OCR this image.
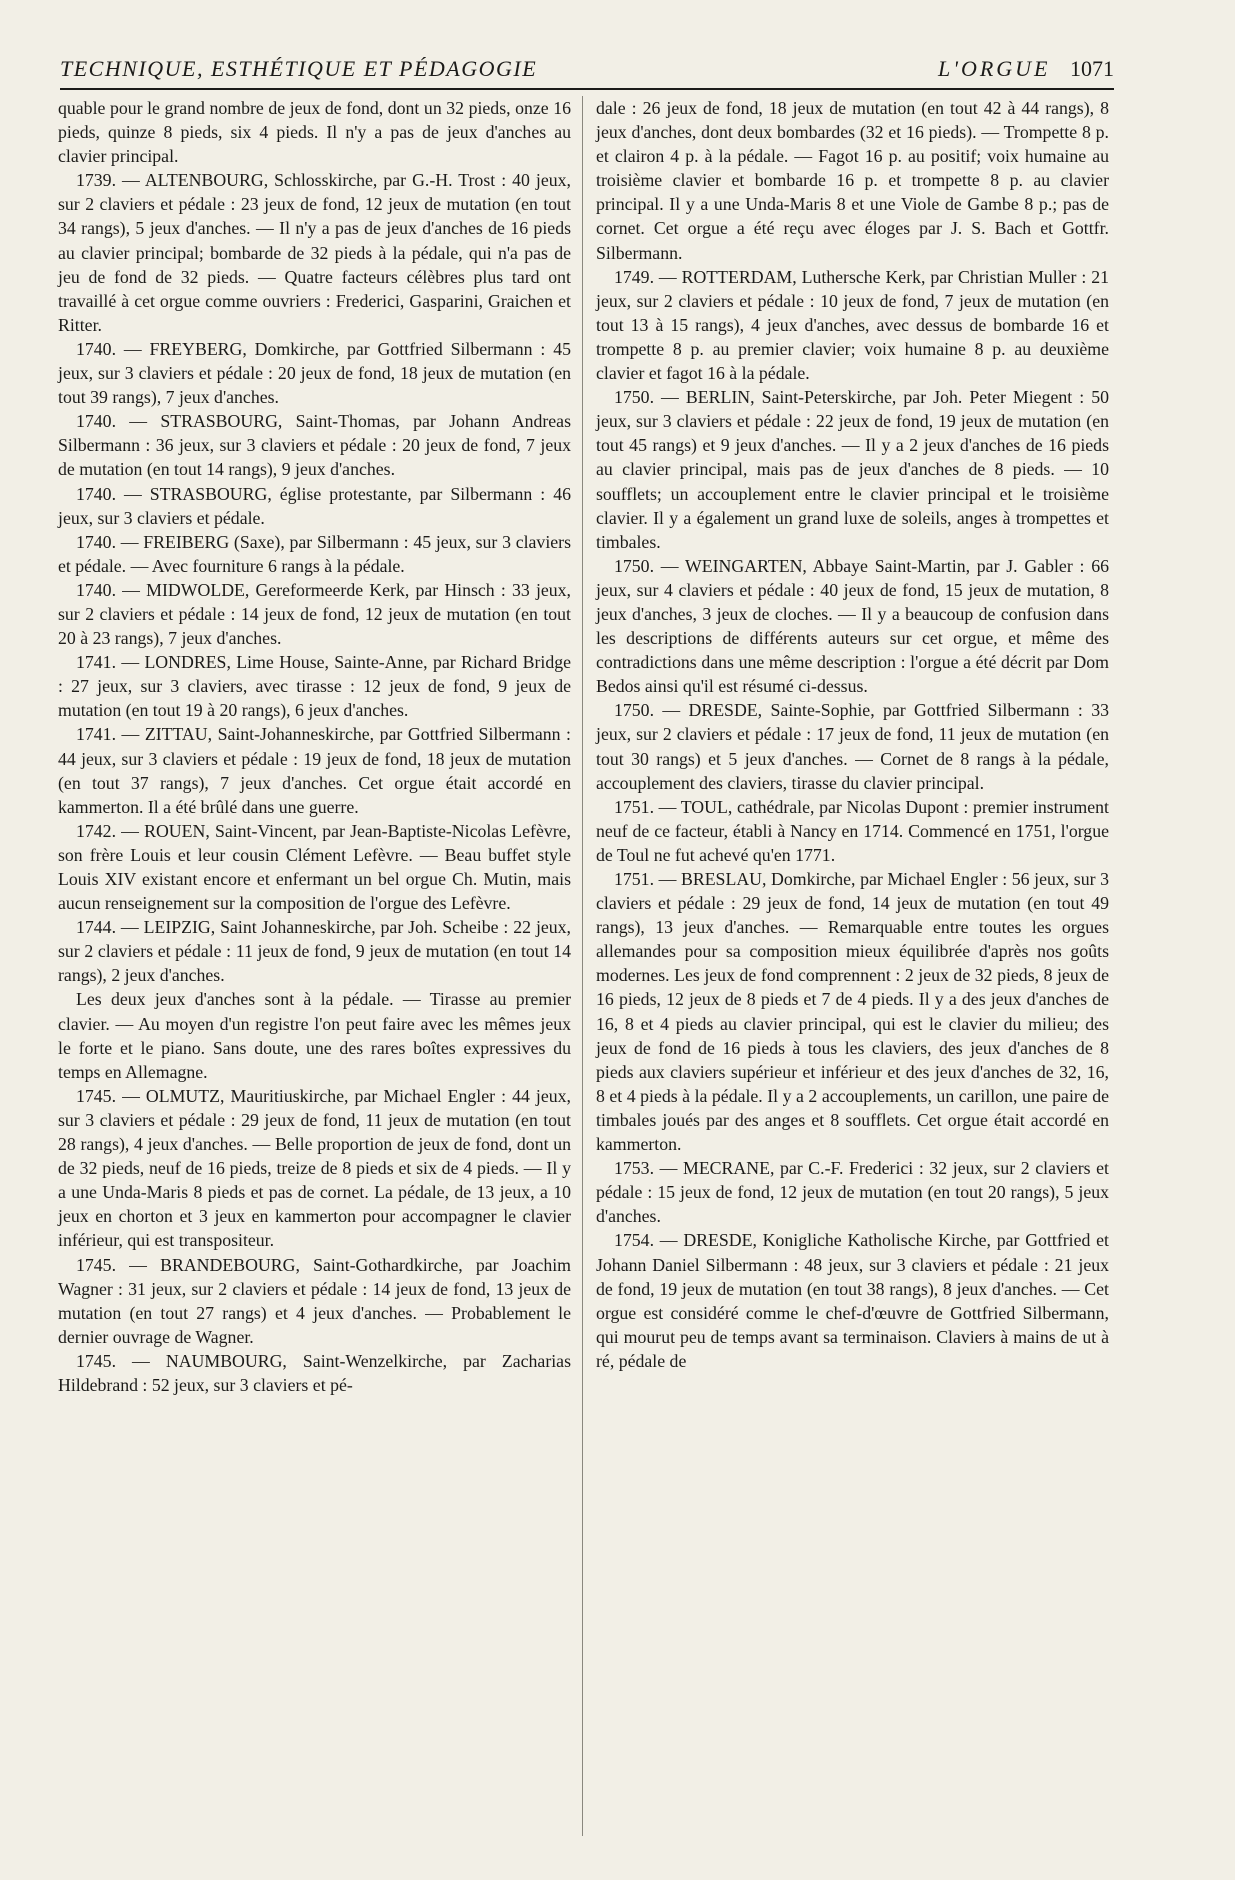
TECHNIQUE, ESTHÉTIQUE ET PÉDAGOGIE	L'ORGUE 1071

quable pour le grand nombre de jeux de fond, dont un 32 pieds, onze 16 pieds, quinze 8 pieds, six 4 pieds. Il n'y a pas de jeux d'anches au clavier principal.

1739. — ALTENBOURG, Schlosskirche, par G.-H. Trost : 40 jeux, sur 2 claviers et pédale : 23 jeux de fond, 12 jeux de mutation (en tout 34 rangs), 5 jeux d'anches. — Il n'y a pas de jeux d'anches de 16 pieds au clavier principal; bombarde de 32 pieds à la pédale, qui n'a pas de jeu de fond de 32 pieds. — Quatre facteurs célèbres plus tard ont travaillé à cet orgue comme ouvriers : Frederici, Gasparini, Graichen et Ritter.

1740. — FREYBERG, Domkirche, par Gottfried Silbermann : 45 jeux, sur 3 claviers et pédale : 20 jeux de fond, 18 jeux de mutation (en tout 39 rangs), 7 jeux d'anches.

1740. — STRASBOURG, Saint-Thomas, par Johann Andreas Silbermann : 36 jeux, sur 3 claviers et pédale : 20 jeux de fond, 7 jeux de mutation (en tout 14 rangs), 9 jeux d'anches.

1740. — STRASBOURG, église protestante, par Silbermann : 46 jeux, sur 3 claviers et pédale.

1740. — FREIBERG (Saxe), par Silbermann : 45 jeux, sur 3 claviers et pédale. — Avec fourniture 6 rangs à la pédale.

1740. — MIDWOLDE, Gereformeerde Kerk, par Hinsch : 33 jeux, sur 2 claviers et pédale : 14 jeux de fond, 12 jeux de mutation (en tout 20 à 23 rangs), 7 jeux d'anches.

1741. — LONDRES, Lime House, Sainte-Anne, par Richard Bridge : 27 jeux, sur 3 claviers, avec tirasse : 12 jeux de fond, 9 jeux de mutation (en tout 19 à 20 rangs), 6 jeux d'anches.

1741. — ZITTAU, Saint-Johanneskirche, par Gottfried Silbermann : 44 jeux, sur 3 claviers et pédale : 19 jeux de fond, 18 jeux de mutation (en tout 37 rangs), 7 jeux d'anches. Cet orgue était accordé en kammerton. Il a été brûlé dans une guerre.

1742. — ROUEN, Saint-Vincent, par Jean-Baptiste-Nicolas Lefèvre, son frère Louis et leur cousin Clément Lefèvre. — Beau buffet style Louis XIV existant encore et enfermant un bel orgue Ch. Mutin, mais aucun renseignement sur la composition de l'orgue des Lefèvre.

1744. — LEIPZIG, Saint Johanneskirche, par Joh. Scheibe : 22 jeux, sur 2 claviers et pédale : 11 jeux de fond, 9 jeux de mutation (en tout 14 rangs), 2 jeux d'anches.

Les deux jeux d'anches sont à la pédale. — Tirasse au premier clavier. — Au moyen d'un registre l'on peut faire avec les mêmes jeux le forte et le piano. Sans doute, une des rares boîtes expressives du temps en Allemagne.

1745. — OLMUTZ, Mauritiuskirche, par Michael Engler : 44 jeux, sur 3 claviers et pédale : 29 jeux de fond, 11 jeux de mutation (en tout 28 rangs), 4 jeux d'anches. — Belle proportion de jeux de fond, dont un de 32 pieds, neuf de 16 pieds, treize de 8 pieds et six de 4 pieds. — Il y a une Unda-Maris 8 pieds et pas de cornet. La pédale, de 13 jeux, a 10 jeux en chorton et 3 jeux en kammerton pour accompagner le clavier inférieur, qui est transpositeur.

1745. — BRANDEBOURG, Saint-Gothardkirche, par Joachim Wagner : 31 jeux, sur 2 claviers et pédale : 14 jeux de fond, 13 jeux de mutation (en tout 27 rangs) et 4 jeux d'anches. — Probablement le dernier ouvrage de Wagner.

1745. — NAUMBOURG, Saint-Wenzelkirche, par Zacharias Hildebrand : 52 jeux, sur 3 claviers et pé-

dale : 26 jeux de fond, 18 jeux de mutation (en tout 42 à 44 rangs), 8 jeux d'anches, dont deux bombardes (32 et 16 pieds). — Trompette 8 p. et clairon 4 p. à la pédale. — Fagot 16 p. au positif; voix humaine au troisième clavier et bombarde 16 p. et trompette 8 p. au clavier principal. Il y a une Unda-Maris 8 et une Viole de Gambe 8 p.; pas de cornet. Cet orgue a été reçu avec éloges par J. S. Bach et Gottfr. Silbermann.

1749. — ROTTERDAM, Luthersche Kerk, par Christian Muller : 21 jeux, sur 2 claviers et pédale : 10 jeux de fond, 7 jeux de mutation (en tout 13 à 15 rangs), 4 jeux d'anches, avec dessus de bombarde 16 et trompette 8 p. au premier clavier; voix humaine 8 p. au deuxième clavier et fagot 16 à la pédale.

1750. — BERLIN, Saint-Peterskirche, par Joh. Peter Miegent : 50 jeux, sur 3 claviers et pédale : 22 jeux de fond, 19 jeux de mutation (en tout 45 rangs) et 9 jeux d'anches. — Il y a 2 jeux d'anches de 16 pieds au clavier principal, mais pas de jeux d'anches de 8 pieds. — 10 soufflets; un accouplement entre le clavier principal et le troisième clavier. Il y a également un grand luxe de soleils, anges à trompettes et timbales.

1750. — WEINGARTEN, Abbaye Saint-Martin, par J. Gabler : 66 jeux, sur 4 claviers et pédale : 40 jeux de fond, 15 jeux de mutation, 8 jeux d'anches, 3 jeux de cloches. — Il y a beaucoup de confusion dans les descriptions de différents auteurs sur cet orgue, et même des contradictions dans une même description : l'orgue a été décrit par Dom Bedos ainsi qu'il est résumé ci-dessus.

1750. — DRESDE, Sainte-Sophie, par Gottfried Silbermann : 33 jeux, sur 2 claviers et pédale : 17 jeux de fond, 11 jeux de mutation (en tout 30 rangs) et 5 jeux d'anches. — Cornet de 8 rangs à la pédale, accouplement des claviers, tirasse du clavier principal.

1751. — TOUL, cathédrale, par Nicolas Dupont : premier instrument neuf de ce facteur, établi à Nancy en 1714. Commencé en 1751, l'orgue de Toul ne fut achevé qu'en 1771.

1751. — BRESLAU, Domkirche, par Michael Engler : 56 jeux, sur 3 claviers et pédale : 29 jeux de fond, 14 jeux de mutation (en tout 49 rangs), 13 jeux d'anches. — Remarquable entre toutes les orgues allemandes pour sa composition mieux équilibrée d'après nos goûts modernes. Les jeux de fond comprennent : 2 jeux de 32 pieds, 8 jeux de 16 pieds, 12 jeux de 8 pieds et 7 de 4 pieds. Il y a des jeux d'anches de 16, 8 et 4 pieds au clavier principal, qui est le clavier du milieu; des jeux de fond de 16 pieds à tous les claviers, des jeux d'anches de 8 pieds aux claviers supérieur et inférieur et des jeux d'anches de 32, 16, 8 et 4 pieds à la pédale. Il y a 2 accouplements, un carillon, une paire de timbales joués par des anges et 8 soufflets. Cet orgue était accordé en kammerton.

1753. — MECRANE, par C.-F. Frederici : 32 jeux, sur 2 claviers et pédale : 15 jeux de fond, 12 jeux de mutation (en tout 20 rangs), 5 jeux d'anches.

1754. — DRESDE, Konigliche Katholische Kirche, par Gottfried et Johann Daniel Silbermann : 48 jeux, sur 3 claviers et pédale : 21 jeux de fond, 19 jeux de mutation (en tout 38 rangs), 8 jeux d'anches. — Cet orgue est considéré comme le chef-d'œuvre de Gottfried Silbermann, qui mourut peu de temps avant sa terminaison. Claviers à mains de ut à ré, pédale de
